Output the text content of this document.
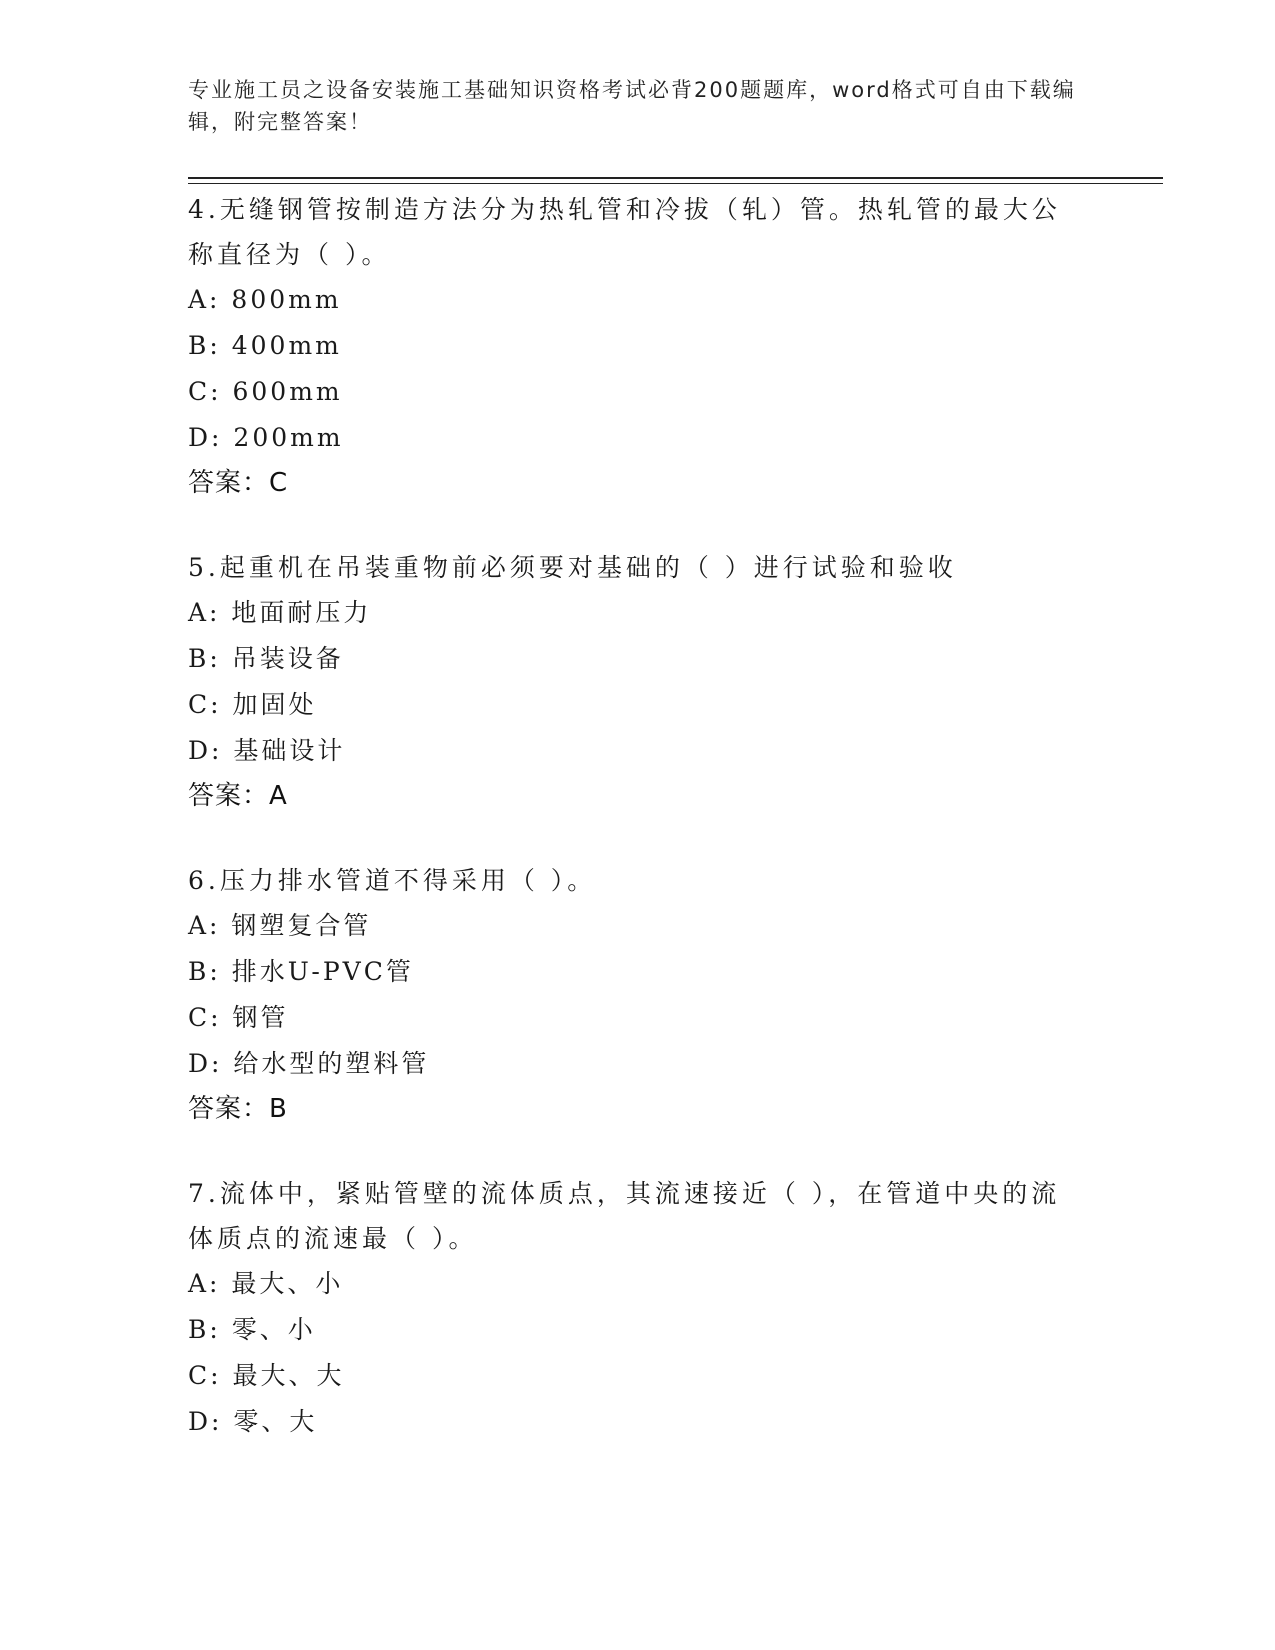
专业施工员之设备安装施工基础知识资格考试必背200题题库，word格式可自由下载编辑，附完整答案！
4.无缝钢管按制造方法分为热轧管和冷拔（轧）管。热轧管的最大公称直径为（ ）。
A: 800mm
B: 400mm
C: 600mm
D: 200mm
答案：C
5.起重机在吊装重物前必须要对基础的（ ）进行试验和验收
A: 地面耐压力
B: 吊装设备
C: 加固处
D: 基础设计
答案：A
6.压力排水管道不得采用（ ）。
A: 钢塑复合管
B: 排水U-PVC管
C: 钢管
D: 给水型的塑料管
答案：B
7.流体中，紧贴管壁的流体质点，其流速接近（ ），在管道中央的流体质点的流速最（ ）。
A: 最大、小
B: 零、小
C: 最大、大
D: 零、大
